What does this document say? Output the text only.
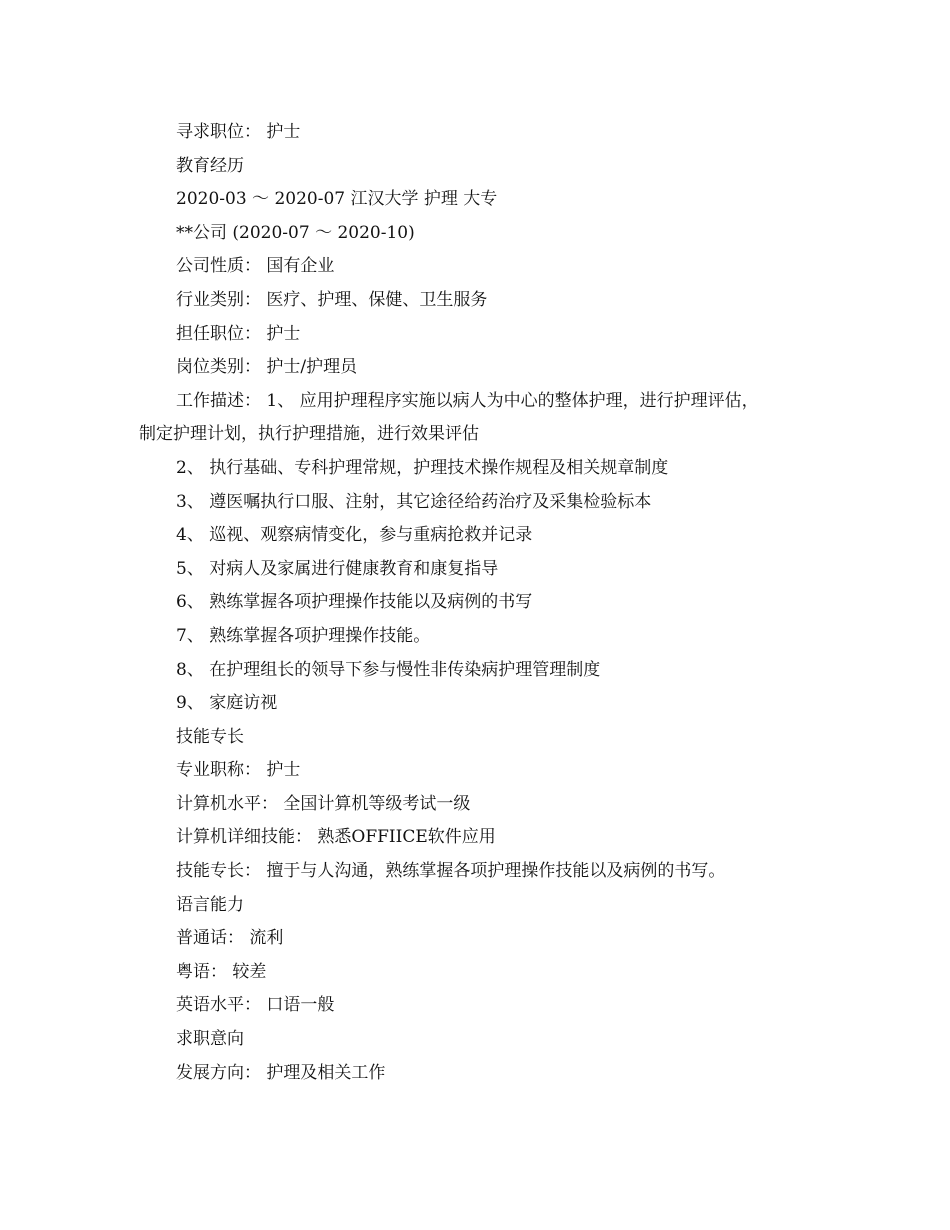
寻求职位： 护士
教育经历
2020-03 ～ 2020-07 江汉大学 护理 大专
**公司 (2020-07 ～ 2020-10)
公司性质： 国有企业
行业类别： 医疗、护理、保健、卫生服务
担任职位： 护士
岗位类别： 护士/护理员
工作描述： 1、 应用护理程序实施以病人为中心的整体护理，进行护理评估，
制定护理计划，执行护理措施，进行效果评估
2、 执行基础、专科护理常规，护理技术操作规程及相关规章制度
3、 遵医嘱执行口服、注射，其它途径给药治疗及采集检验标本
4、 巡视、观察病情变化，参与重病抢救并记录
5、 对病人及家属进行健康教育和康复指导
6、 熟练掌握各项护理操作技能以及病例的书写
7、 熟练掌握各项护理操作技能。
8、 在护理组长的领导下参与慢性非传染病护理管理制度
9、 家庭访视
技能专长
专业职称： 护士
计算机水平： 全国计算机等级考试一级
计算机详细技能： 熟悉OFFIICE软件应用
技能专长： 擅于与人沟通，熟练掌握各项护理操作技能以及病例的书写。
语言能力
普通话： 流利
粤语： 较差
英语水平： 口语一般
求职意向
发展方向： 护理及相关工作
